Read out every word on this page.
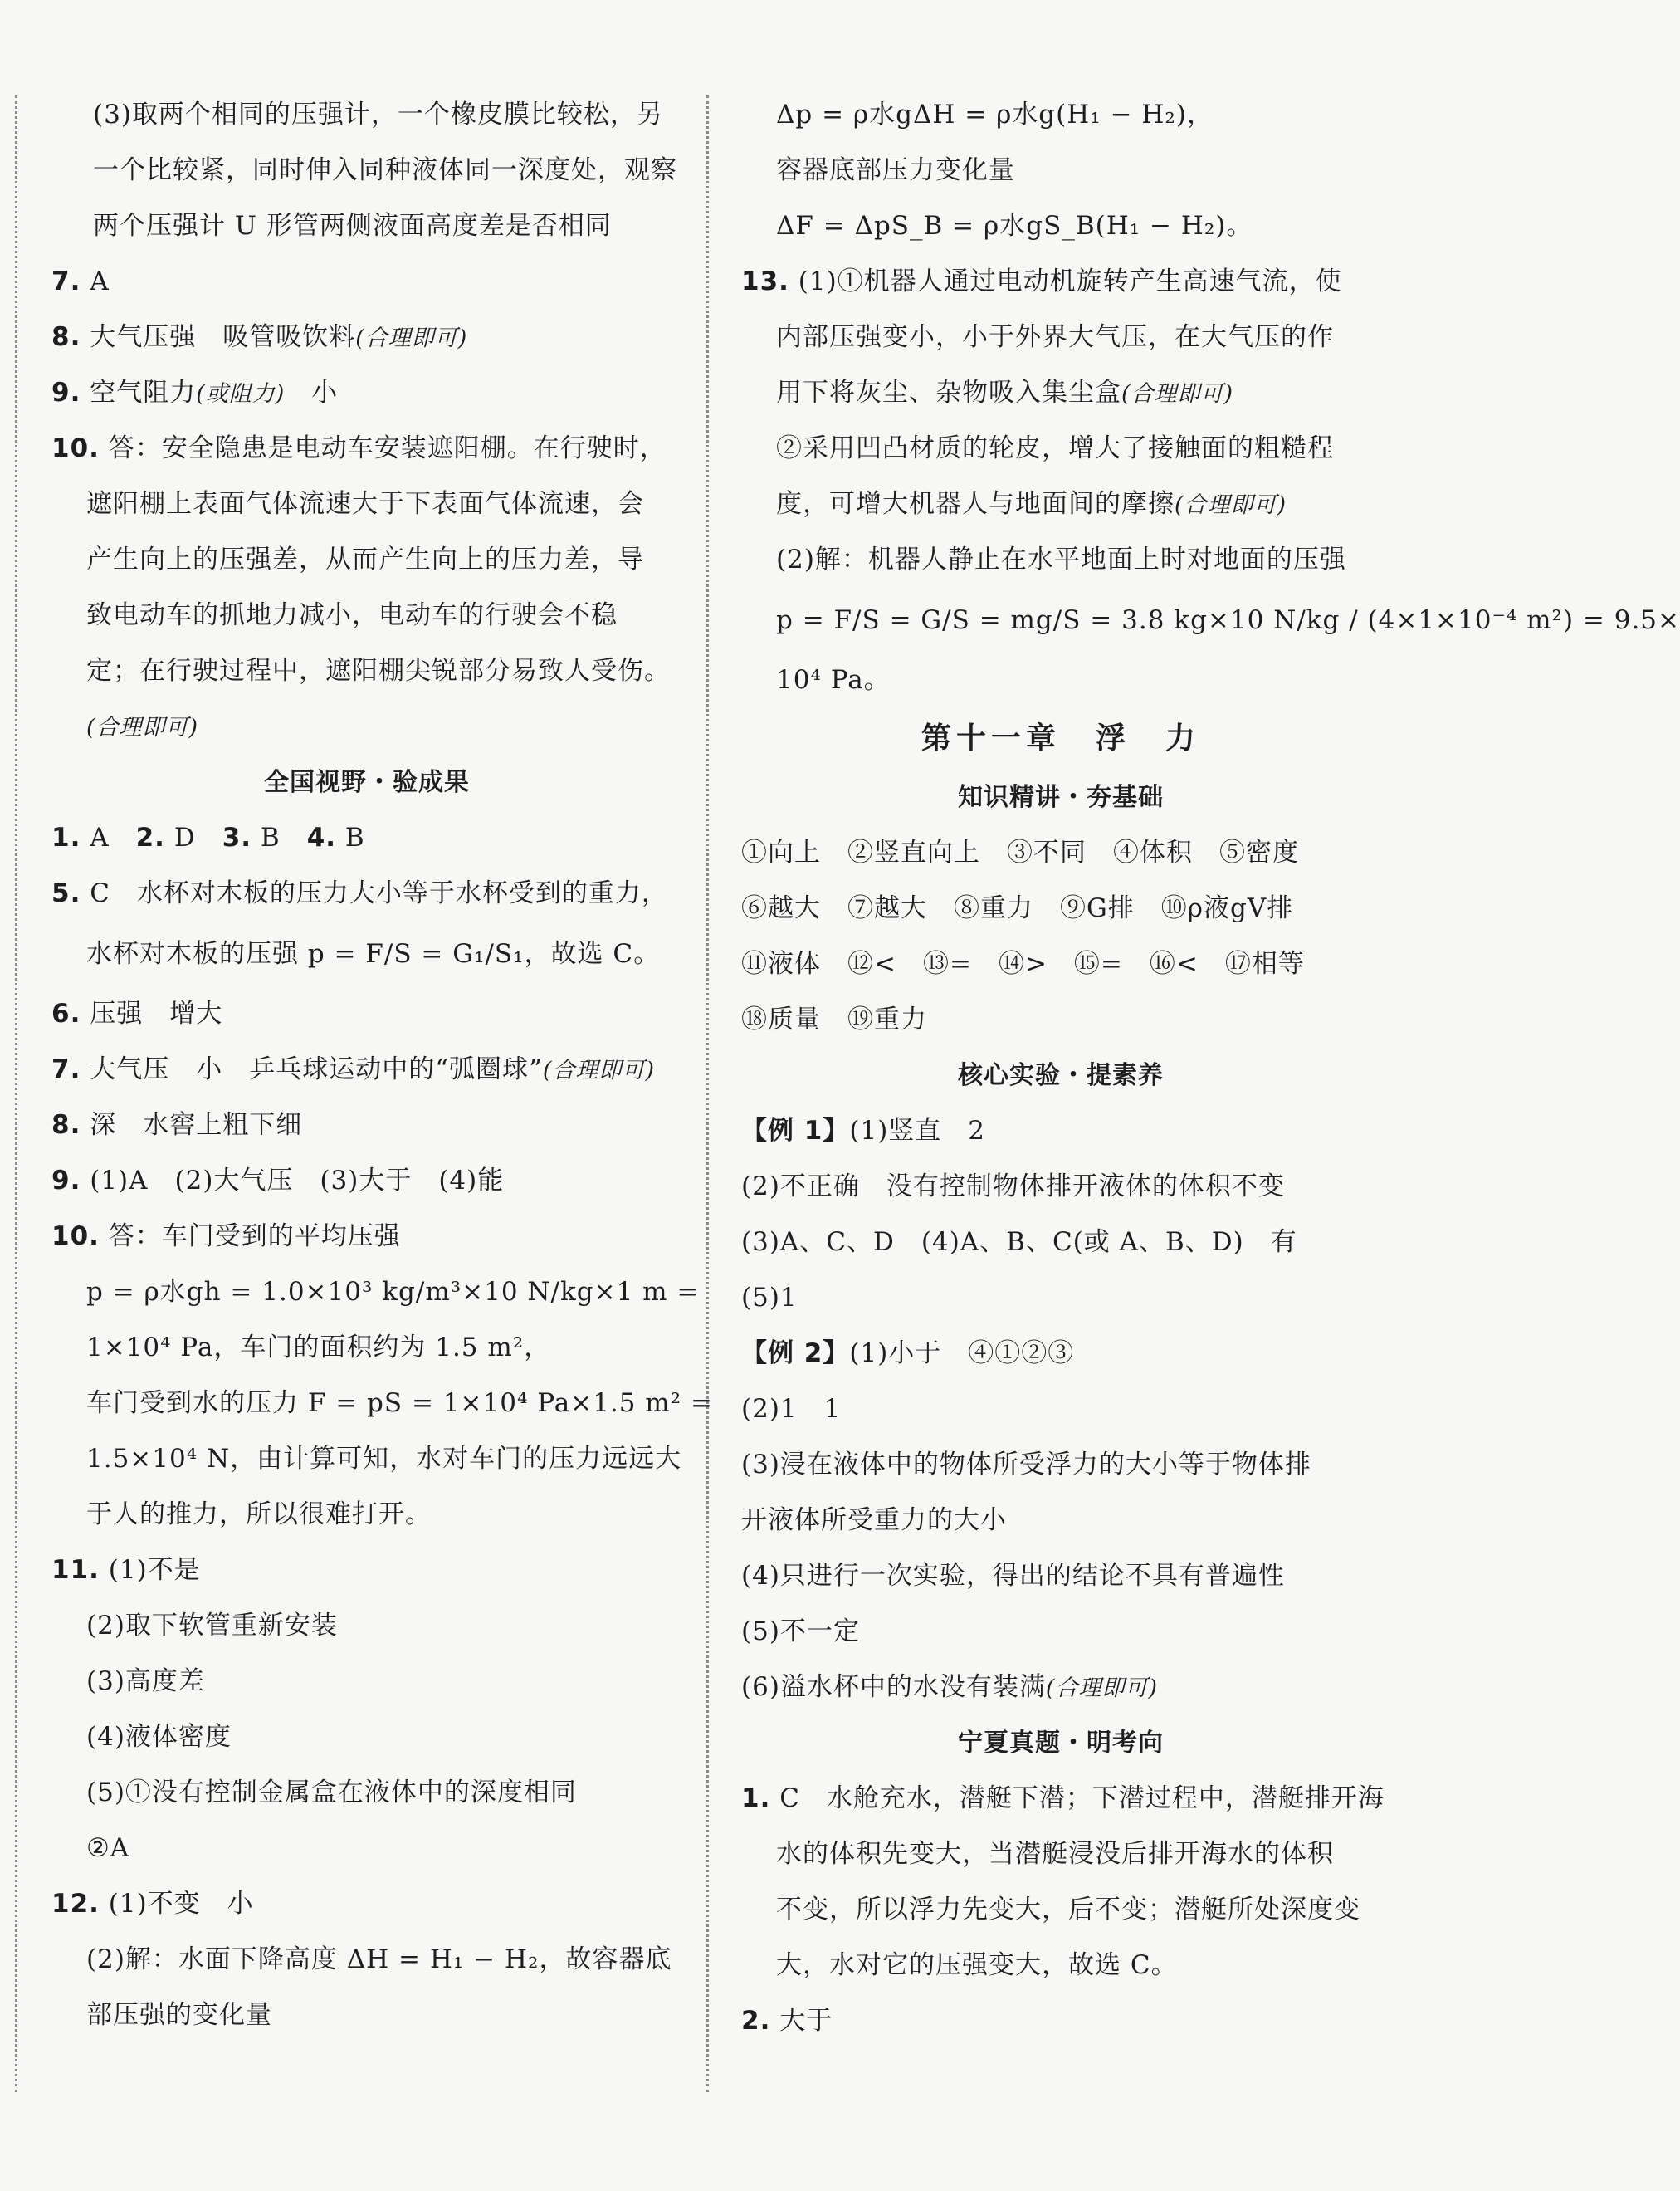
(3)取两个相同的压强计，一个橡皮膜比较松，另
一个比较紧，同时伸入同种液体同一深度处，观察
两个压强计 U 形管两侧液面高度差是否相同
7. A
8. 大气压强　吸管吸饮料(合理即可)
9. 空气阻力(或阻力)　小
10. 答：安全隐患是电动车安装遮阳棚。在行驶时，
遮阳棚上表面气体流速大于下表面气体流速，会
产生向上的压强差，从而产生向上的压力差，导
致电动车的抓地力减小，电动车的行驶会不稳
定；在行驶过程中，遮阳棚尖锐部分易致人受伤。
(合理即可)
全国视野・验成果
1. A　2. D　3. B　4. B
5. C　水杯对木板的压力大小等于水杯受到的重力，
水杯对木板的压强 p = F/S = G₁/S₁，故选 C。
6. 压强　增大
7. 大气压　小　乒乓球运动中的“弧圈球”(合理即可)
8. 深　水窖上粗下细
9. (1)A　(2)大气压　(3)大于　(4)能
10. 答：车门受到的平均压强
p = ρ水gh = 1.0×10³ kg/m³×10 N/kg×1 m =
1×10⁴ Pa，车门的面积约为 1.5 m²，
车门受到水的压力 F = pS = 1×10⁴ Pa×1.5 m² =
1.5×10⁴ N，由计算可知，水对车门的压力远远大
于人的推力，所以很难打开。
11. (1)不是
(2)取下软管重新安装
(3)高度差
(4)液体密度
(5)①没有控制金属盒在液体中的深度相同
②A
12. (1)不变　小
(2)解：水面下降高度 ΔH = H₁ − H₂，故容器底
部压强的变化量
Δp = ρ水gΔH = ρ水g(H₁ − H₂)，
容器底部压力变化量
ΔF = ΔpS_B = ρ水gS_B(H₁ − H₂)。
13. (1)①机器人通过电动机旋转产生高速气流，使
内部压强变小，小于外界大气压，在大气压的作
用下将灰尘、杂物吸入集尘盒(合理即可)
②采用凹凸材质的轮皮，增大了接触面的粗糙程
度，可增大机器人与地面间的摩擦(合理即可)
(2)解：机器人静止在水平地面上时对地面的压强
p = F/S = G/S = mg/S = 3.8 kg×10 N/kg / (4×1×10⁻⁴ m²) = 9.5×
10⁴ Pa。
第十一章　浮　力
知识精讲・夯基础
①向上　②竖直向上　③不同　④体积　⑤密度
⑥越大　⑦越大　⑧重力　⑨G排　⑩ρ液gV排
⑪液体　⑫<　⑬=　⑭>　⑮=　⑯<　⑰相等
⑱质量　⑲重力
核心实验・提素养
【例 1】(1)竖直　2
(2)不正确　没有控制物体排开液体的体积不变
(3)A、C、D　(4)A、B、C(或 A、B、D)　有
(5)1
【例 2】(1)小于　④①②③
(2)1　1
(3)浸在液体中的物体所受浮力的大小等于物体排
开液体所受重力的大小
(4)只进行一次实验，得出的结论不具有普遍性
(5)不一定
(6)溢水杯中的水没有装满(合理即可)
宁夏真题・明考向
1. C　水舱充水，潜艇下潜；下潜过程中，潜艇排开海
水的体积先变大，当潜艇浸没后排开海水的体积
不变，所以浮力先变大，后不变；潜艇所处深度变
大，水对它的压强变大，故选 C。
2. 大于
